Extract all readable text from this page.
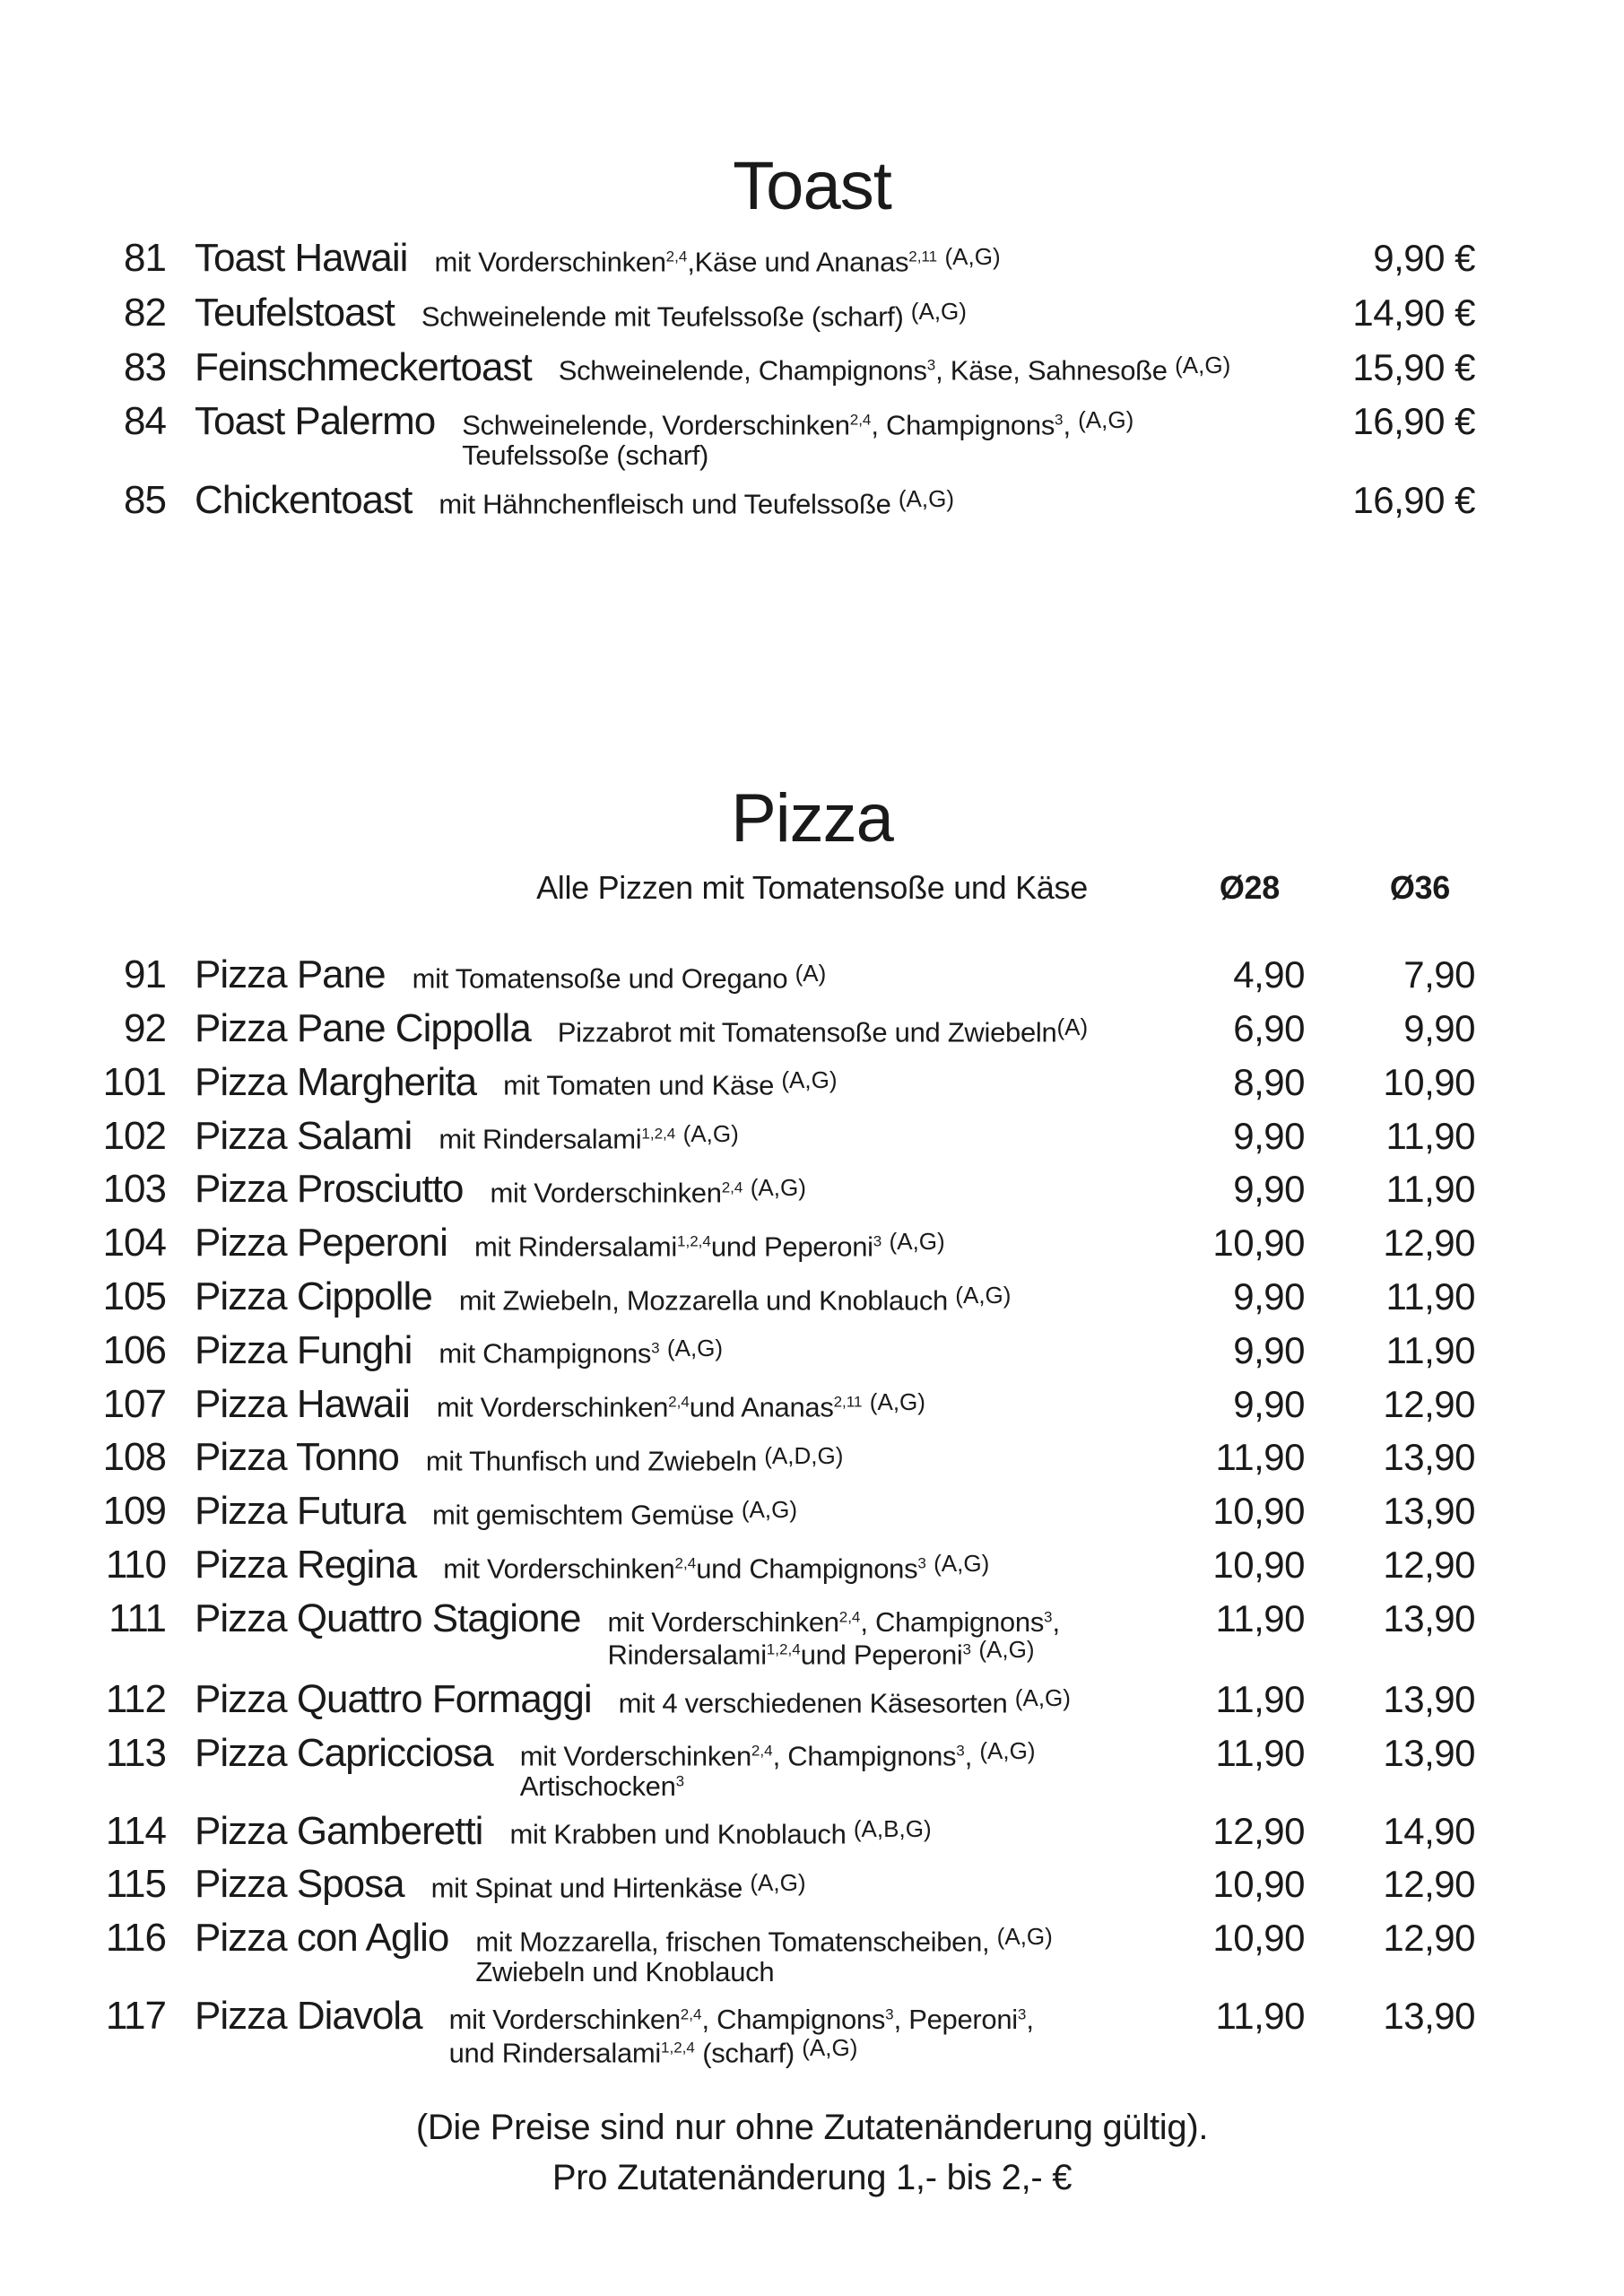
Toast
81 Toast Hawaii mit Vorderschinken$^{2,4}$,Käse und Ananas$^{2,11}$ $^{(A,G)}$	9,90 €
82 Teufelstoast Schweinelende mit Teufelssoße (scharf) $^{(A,G)}$	14,90 €
83 Feinschmeckertoast Schweinelende, Champignons$^3$, Käse, Sahnesoße $^{(A,G)}$	15,90 €
84 Toast Palermo Schweinelende, Vorderschinken$^{2,4}$, Champignons$^3$, $^{(A,G)}$
Teufelssoße (scharf)
16,90 €
85 Chickentoast mit Hähnchenfleisch und Teufelssoße $^{(A,G)}$	16,90 €
Pizza
Alle Pizzen mit Tomatensoße und Käse	Ø28	Ø36
91 Pizza Pane mit Tomatensoße und Oregano $^{(A)}$	4,90	7,90
92 Pizza Pane Cippolla Pizzabrot mit Tomatensoße und Zwiebeln$^{(A)}$	6,90	9,90
101 Pizza Margherita mit Tomaten und Käse $^{(A,G)}$	8,90	10,90
102 Pizza Salami mit Rindersalami$^{1,2,4}$ $^{(A,G)}$	9,90	11,90
103 Pizza Prosciutto mit Vorderschinken$^{2,4}$ $^{(A,G)}$	9,90	11,90
104 Pizza Peperoni mit Rindersalami$^{1,2,4}$und Peperoni$^3$ $^{(A,G)}$	10,90	12,90
105 Pizza Cippolle mit Zwiebeln, Mozzarella und Knoblauch $^{(A,G)}$	9,90	11,90
106 Pizza Funghi mit Champignons$^3$ $^{(A,G)}$	9,90	11,90
107 Pizza Hawaii mit Vorderschinken$^{2,4}$und Ananas$^{2,11}$ $^{(A,G)}$	9,90	12,90
108 Pizza Tonno mit Thunfisch und Zwiebeln $^{(A,D,G)}$	11,90	13,90
109 Pizza Futura mit gemischtem Gemüse $^{(A,G)}$	10,90	13,90
110 Pizza Regina mit Vorderschinken$^{2,4}$und Champignons$^3$ $^{(A,G)}$	10,90	12,90
111 Pizza Quattro Stagione mit Vorderschinken$^{2,4}$, Champignons$^3$,
Rindersalami$^{1,2,4}$und Peperoni$^3$ $^{(A,G)}$
11,90	13,90
112 Pizza Quattro Formaggi mit 4 verschiedenen Käsesorten $^{(A,G)}$	11,90	13,90
113 Pizza Capricciosa mit Vorderschinken$^{2,4}$, Champignons$^3$, $^{(A,G)}$
Artischocken$^3$
11,90	13,90
114 Pizza Gamberetti mit Krabben und Knoblauch $^{(A,B,G)}$	12,90	14,90
115 Pizza Sposa mit Spinat und Hirtenkäse $^{(A,G)}$	10,90	12,90
116 Pizza con Aglio mit Mozzarella, frischen Tomatenscheiben, $^{(A,G)}$
Zwiebeln und Knoblauch
10,90	12,90
117 Pizza Diavola mit Vorderschinken$^{2,4}$, Champignons$^3$, Peperoni$^3$,
und Rindersalami$^{1,2,4}$ (scharf) $^{(A,G)}$
11,90	13,90
(Die Preise sind nur ohne Zutatenänderung gültig).
Pro Zutatenänderung 1,- bis 2,- €
